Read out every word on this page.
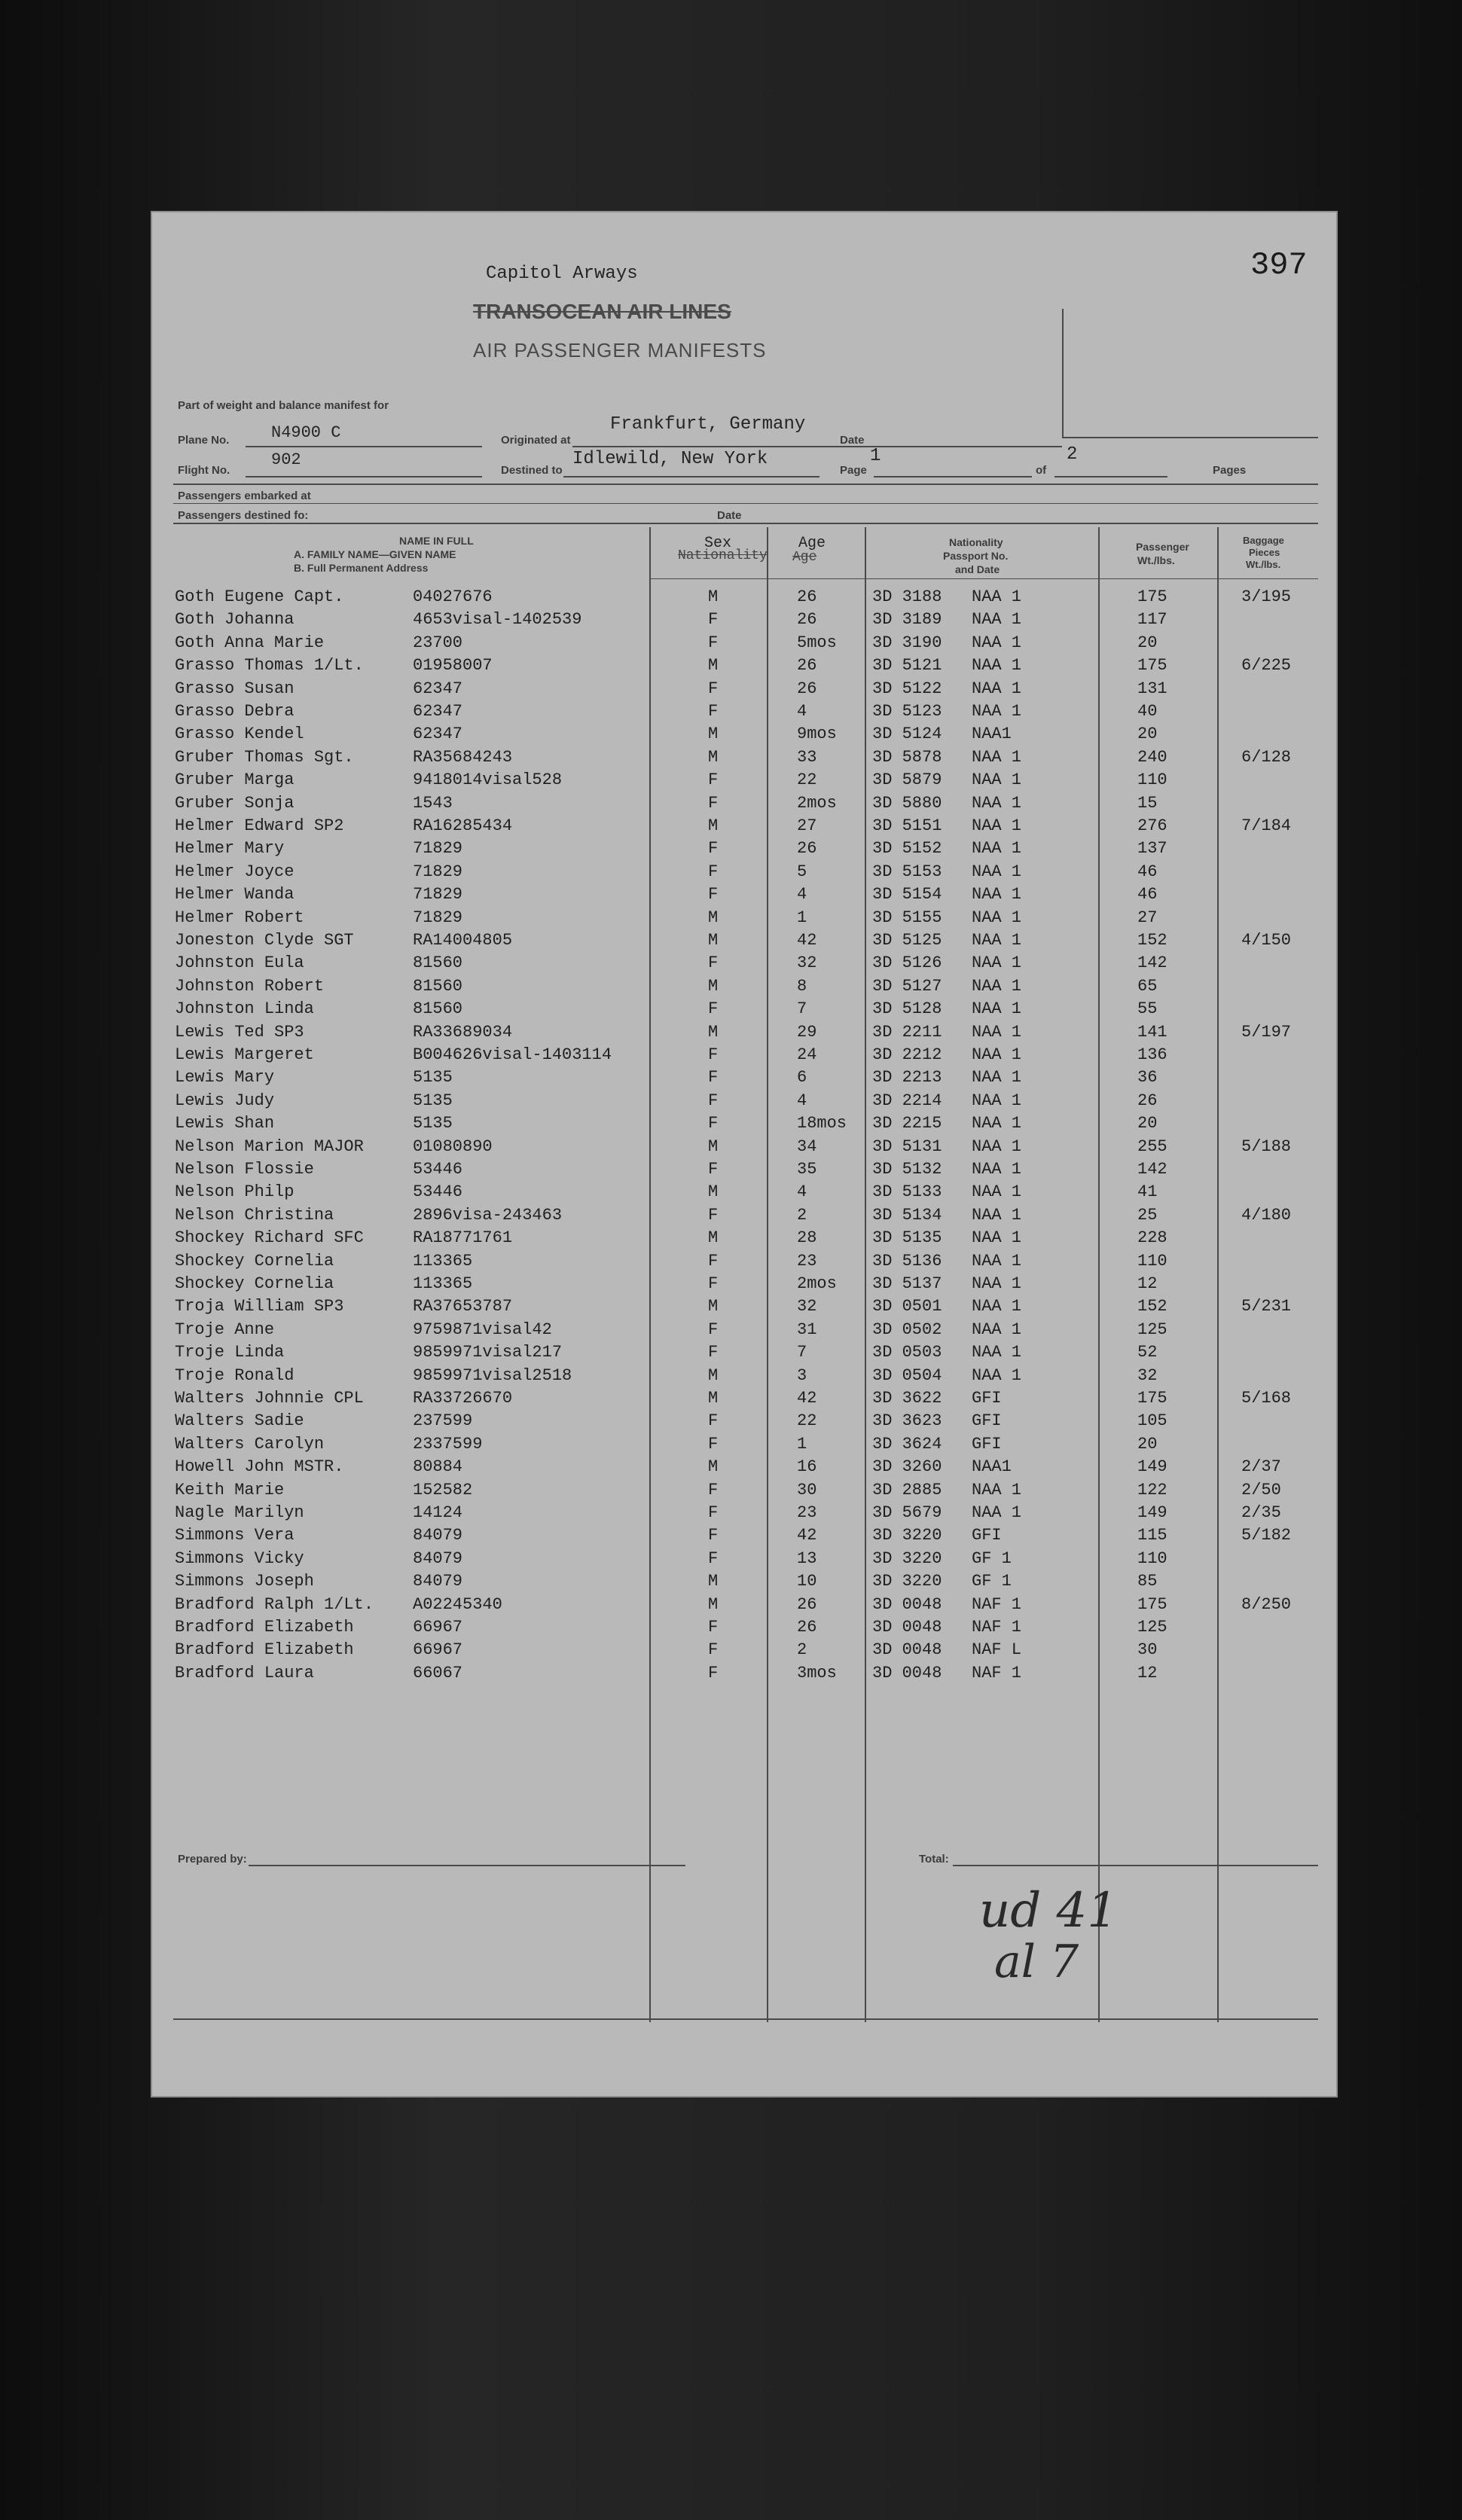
397
Capitol Arways
TRANSOCEAN AIR LINES
AIR PASSENGER MANIFESTS
Part of weight and balance manifest for
Plane No.	N4900 C	Originated at
Frankfurt, Germany
Date
Flight No.
902
Destined to
Idlewild, New York
Page
1
of
2
Pages
Passengers embarked at
Passengers destined fo:	Date
NAME IN FULL
A. FAMILY NAME—GIVEN NAME
B. Full Permanent Address
Sex
Nationality
Age
Age
Nationality
Passport No.
and Date
Passenger
Wt./lbs.
Baggage
Pieces
Wt./lbs.
Goth Eugene Capt.	04027676	M	26	3D 3188 NAA 1	175	3/195
Goth Johanna	4653visal-1402539	F	26	3D 3189 NAA 1	117
Goth Anna Marie	23700	F	5mos 3D 3190 NAA 1	20
Grasso Thomas 1/Lt.	01958007	M	26	3D 5121 NAA 1	175	6/225
Grasso Susan	62347	F	26	3D 5122 NAA 1	131
Grasso Debra	62347	F	4	3D 5123 NAA 1	40
Grasso Kendel	62347	M	9mos 3D 5124 NAA1	20
Gruber Thomas Sgt.	RA35684243	M	33	3D 5878 NAA 1	240	6/128
Gruber Marga	9418014visal528	F	22	3D 5879 NAA 1	110
Gruber Sonja	1543	F	2mos 3D 5880 NAA 1	15
Helmer Edward SP2	RA16285434	M	27	3D 5151 NAA 1	276	7/184
Helmer Mary	71829	F	26	3D 5152 NAA 1	137
Helmer Joyce	71829	F	5	3D 5153 NAA 1	46
Helmer Wanda	71829	F	4	3D 5154 NAA 1	46
Helmer Robert	71829	M	1	3D 5155 NAA 1	27
Joneston Clyde SGT	RA14004805	M	42	3D 5125 NAA 1	152	4/150
Johnston Eula	81560	F	32	3D 5126 NAA 1	142
Johnston Robert	81560	M	8	3D 5127 NAA 1	65
Johnston Linda	81560	F	7	3D 5128 NAA 1	55
Lewis Ted SP3	RA33689034	M	29	3D 2211 NAA 1	141	5/197
Lewis Margeret	B004626visal-1403114	F	24	3D 2212 NAA 1	136
Lewis Mary	5135	F	6	3D 2213 NAA 1	36
Lewis Judy	5135	F	4	3D 2214 NAA 1	26
Lewis Shan	5135	F	18mos 3D 2215 NAA 1	20
Nelson Marion MAJOR	01080890	M	34	3D 5131 NAA 1	255	5/188
Nelson Flossie	53446	F	35	3D 5132 NAA 1	142
Nelson Philp	53446	M	4	3D 5133 NAA 1	41
Nelson Christina	2896visa-243463	F	2	3D 5134 NAA 1	25	4/180
Shockey Richard SFC	RA18771761	M	28	3D 5135 NAA 1	228
Shockey Cornelia	113365	F	23	3D 5136 NAA 1	110
Shockey Cornelia	113365	F	2mos 3D 5137 NAA 1	12
Troja William SP3	RA37653787	M	32	3D 0501 NAA 1	152	5/231
Troje Anne	9759871visal42	F	31	3D 0502 NAA 1	125
Troje Linda	9859971visal217	F	7	3D 0503 NAA 1	52
Troje Ronald	9859971visal2518	M	3	3D 0504 NAA 1	32
Walters Johnnie CPL	RA33726670	M	42	3D 3622 GFI	175	5/168
Walters Sadie	237599	F	22	3D 3623 GFI	105
Walters Carolyn	2337599	F	1	3D 3624 GFI	20
Howell John MSTR.	80884	M	16	3D 3260 NAA1	149	2/37
Keith Marie	152582	F	30	3D 2885 NAA 1	122	2/50
Nagle Marilyn	14124	F	23	3D 5679 NAA 1	149	2/35
Simmons Vera	84079	F	42	3D 3220 GFI	115	5/182
Simmons Vicky	84079	F	13	3D 3220 GF 1	110
Simmons Joseph	84079	M	10	3D 3220 GF 1	85
Bradford Ralph 1/Lt. A02245340	M	26	3D 0048 NAF 1	175	8/250
Bradford Elizabeth	66967	F	26	3D 0048 NAF 1	125
Bradford Elizabeth	66967	F	2	3D 0048 NAF L	30
Bradford Laura	66067	F	3mos 3D 0048 NAF 1	12
Prepared by:	Total:
ud 41
al 7
